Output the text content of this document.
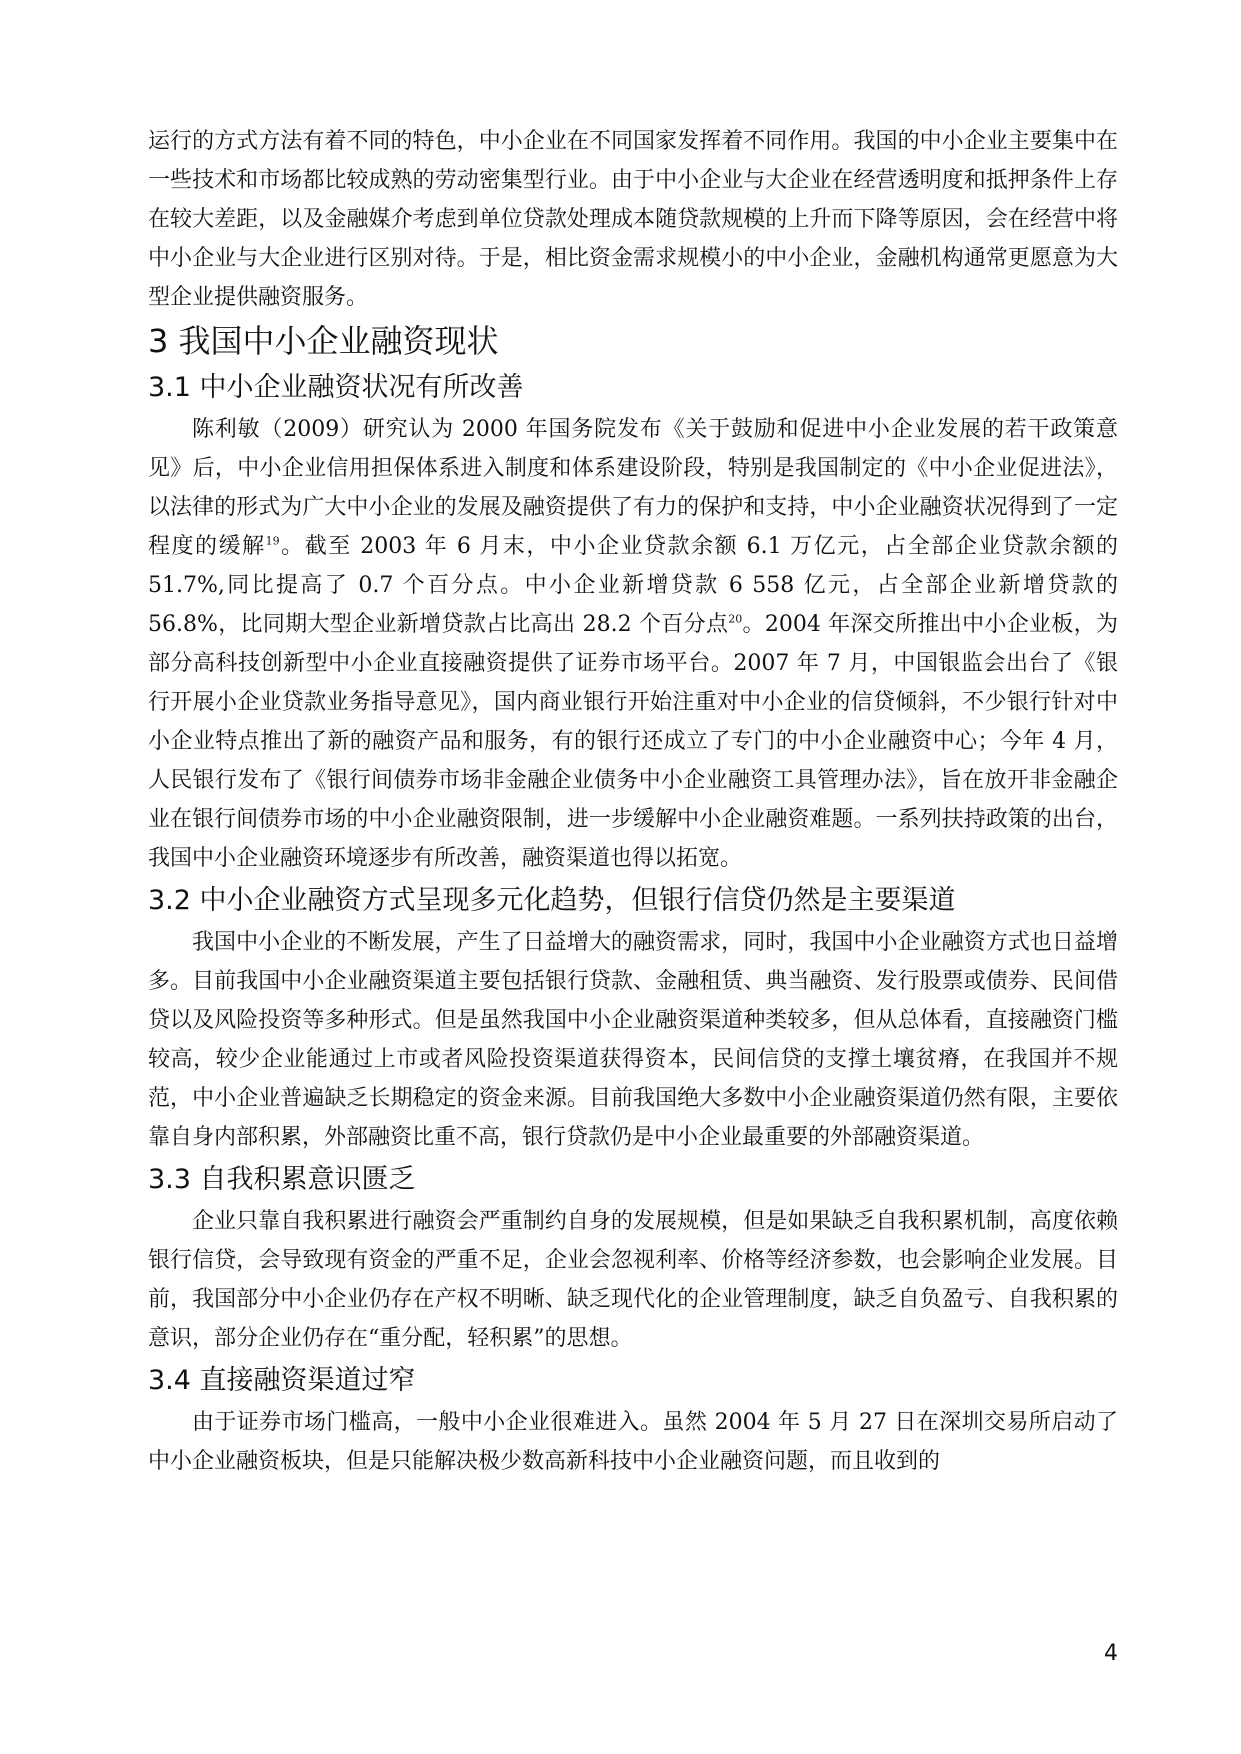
运行的方式方法有着不同的特色，中小企业在不同国家发挥着不同作用。我国的中小企业主要集中在一些技术和市场都比较成熟的劳动密集型行业。由于中小企业与大企业在经营透明度和抵押条件上存在较大差距，以及金融媒介考虑到单位贷款处理成本随贷款规模的上升而下降等原因，会在经营中将中小企业与大企业进行区别对待。于是，相比资金需求规模小的中小企业，金融机构通常更愿意为大型企业提供融资服务。

3 我国中小企业融资现状
3.1 中小企业融资状况有所改善

陈利敏（2009）研究认为 2000 年国务院发布《关于鼓励和促进中小企业发展的若干政策意见》后，中小企业信用担保体系进入制度和体系建设阶段，特别是我国制定的《中小企业促进法》，以法律的形式为广大中小企业的发展及融资提供了有力的保护和支持，中小企业融资状况得到了一定程度的缓解$^{19}$。截至 2003 年 6 月末，中小企业贷款余额 6.1 万亿元，占全部企业贷款余额的 51.7%,同比提高了 0.7 个百分点。中小企业新增贷款 6 558 亿元，占全部企业新增贷款的 56.8%，比同期大型企业新增贷款占比高出 28.2 个百分点$^{20}$。2004 年深交所推出中小企业板，为部分高科技创新型中小企业直接融资提供了证券市场平台。2007 年 7 月，中国银监会出台了《银行开展小企业贷款业务指导意见》，国内商业银行开始注重对中小企业的信贷倾斜，不少银行针对中小企业特点推出了新的融资产品和服务，有的银行还成立了专门的中小企业融资中心；今年 4 月，人民银行发布了《银行间债券市场非金融企业债务中小企业融资工具管理办法》，旨在放开非金融企业在银行间债券市场的中小企业融资限制，进一步缓解中小企业融资难题。一系列扶持政策的出台，我国中小企业融资环境逐步有所改善，融资渠道也得以拓宽。

3.2 中小企业融资方式呈现多元化趋势，但银行信贷仍然是主要渠道

我国中小企业的不断发展，产生了日益增大的融资需求，同时，我国中小企业融资方式也日益增多。目前我国中小企业融资渠道主要包括银行贷款、金融租赁、典当融资、发行股票或债券、民间借贷以及风险投资等多种形式。但是虽然我国中小企业融资渠道种类较多，但从总体看，直接融资门槛较高，较少企业能通过上市或者风险投资渠道获得资本，民间信贷的支撑土壤贫瘠，在我国并不规范，中小企业普遍缺乏长期稳定的资金来源。目前我国绝大多数中小企业融资渠道仍然有限，主要依靠自身内部积累，外部融资比重不高，银行贷款仍是中小企业最重要的外部融资渠道。

3.3 自我积累意识匮乏

企业只靠自我积累进行融资会严重制约自身的发展规模，但是如果缺乏自我积累机制，高度依赖银行信贷，会导致现有资金的严重不足，企业会忽视利率、价格等经济参数，也会影响企业发展。目前，我国部分中小企业仍存在产权不明晰、缺乏现代化的企业管理制度，缺乏自负盈亏、自我积累的意识，部分企业仍存在“重分配，轻积累”的思想。

3.4 直接融资渠道过窄

由于证券市场门槛高，一般中小企业很难进入。虽然 2004 年 5 月 27 日在深圳交易所启动了中小企业融资板块，但是只能解决极少数高新科技中小企业融资问题，而且收到的

4
